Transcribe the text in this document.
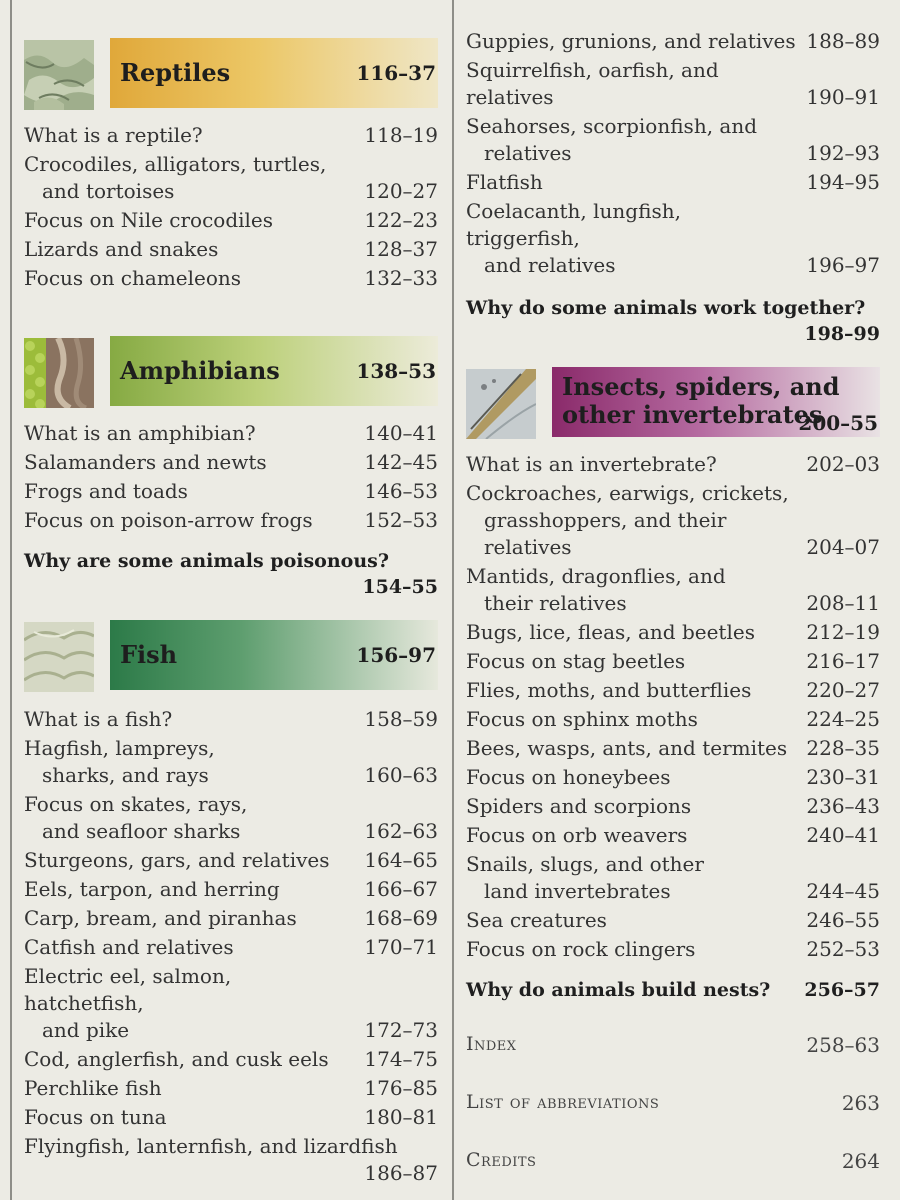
Reptiles	116–37
What is a reptile?	118–19
Crocodiles, alligators, turtles,
and tortoises	120–27
Focus on Nile crocodiles	122–23
Lizards and snakes	128–37
Focus on chameleons	132–33
Amphibians	138–53
What is an amphibian?	140–41
Salamanders and newts	142–45
Frogs and toads	146–53
Focus on poison-arrow frogs	152–53
Why are some animals poisonous?
154–55
Fish	156–97
What is a fish?	158–59
Hagfish, lampreys,
sharks, and rays	160–63
Focus on skates, rays,
and seafloor sharks	162–63
Sturgeons, gars, and relatives	164–65
Eels, tarpon, and herring	166–67
Carp, bream, and piranhas	168–69
Catfish and relatives	170–71
Electric eel, salmon, hatchetfish,
and pike	172–73
Cod, anglerfish, and cusk eels	174–75
Perchlike fish	176–85
Focus on tuna	180–81
Flyingfish, lanternfish, and lizardfish
186–87
Guppies, grunions, and relatives 188–89
Squirrelfish, oarfish, and relatives	190–91
Seahorses, scorpionfish, and
relatives	192–93
Flatfish	194–95
Coelacanth, lungfish, triggerfish,
and relatives	196–97
Why do some animals work together?
198–99
Insects, spiders, and
other invertebrates
200–55
What is an invertebrate?	202–03
Cockroaches, earwigs, crickets,
grasshoppers, and their relatives	204–07
Mantids, dragonflies, and
their relatives	208–11
Bugs, lice, fleas, and beetles	212–19
Focus on stag beetles	216–17
Flies, moths, and butterflies	220–27
Focus on sphinx moths	224–25
Bees, wasps, ants, and termites 228–35
Focus on honeybees	230–31
Spiders and scorpions	236–43
Focus on orb weavers	240–41
Snails, slugs, and other
land invertebrates	244–45
Sea creatures	246–55
Focus on rock clingers	252–53
Why do animals build nests? 256–57
Index	258–63
List of abbreviations	263
Credits	264
